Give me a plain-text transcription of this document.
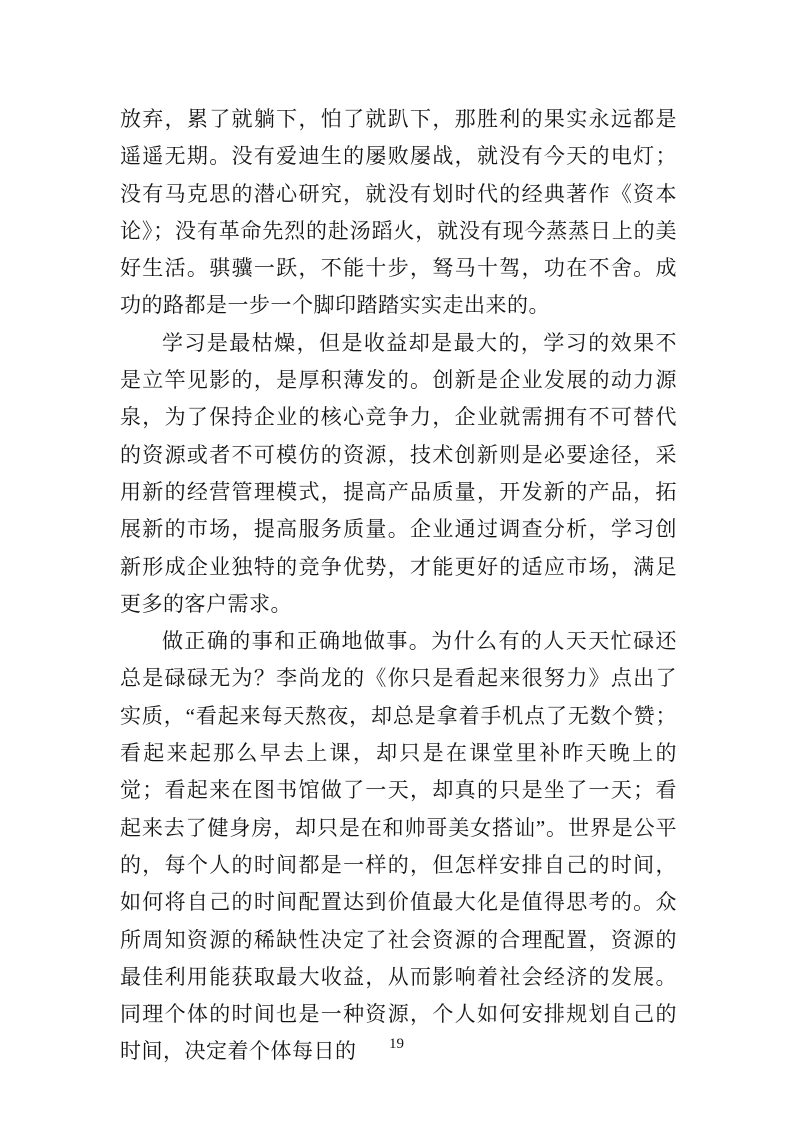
放弃，累了就躺下，怕了就趴下，那胜利的果实永远都是遥遥无期。没有爱迪生的屡败屡战，就没有今天的电灯；没有马克思的潜心研究，就没有划时代的经典著作《资本论》；没有革命先烈的赴汤蹈火，就没有现今蒸蒸日上的美好生活。骐骥一跃，不能十步，驽马十驾，功在不舍。成功的路都是一步一个脚印踏踏实实走出来的。

学习是最枯燥，但是收益却是最大的，学习的效果不是立竿见影的，是厚积薄发的。创新是企业发展的动力源泉，为了保持企业的核心竞争力，企业就需拥有不可替代的资源或者不可模仿的资源，技术创新则是必要途径，采用新的经营管理模式，提高产品质量，开发新的产品，拓展新的市场，提高服务质量。企业通过调查分析，学习创新形成企业独特的竞争优势，才能更好的适应市场，满足更多的客户需求。

做正确的事和正确地做事。为什么有的人天天忙碌还总是碌碌无为？李尚龙的《你只是看起来很努力》点出了实质，“看起来每天熬夜，却总是拿着手机点了无数个赞；看起来起那么早去上课，却只是在课堂里补昨天晚上的觉；看起来在图书馆做了一天，却真的只是坐了一天；看起来去了健身房，却只是在和帅哥美女搭讪”。世界是公平的，每个人的时间都是一样的，但怎样安排自己的时间，如何将自己的时间配置达到价值最大化是值得思考的。众所周知资源的稀缺性决定了社会资源的合理配置，资源的最佳利用能获取最大收益，从而影响着社会经济的发展。同理个体的时间也是一种资源，个人如何安排规划自己的时间，决定着个体每日的	19
